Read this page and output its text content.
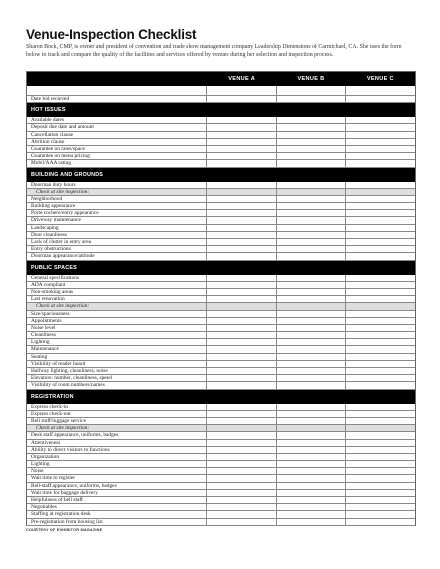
Venue-Inspection Checklist
Sharon Bock, CMP, is owner and president of convention and trade show management company Leadership Dimensions of Carmichael, CA. She uses the form below to track and compare the quality of the facilities and services offered by venues during her selection and inspection process.
VENUE A	VENUE B	VENUE C
Date bid recieved
HOT ISSUES
Available dates
Deposit due date and amount
Cancellation clause
Attrition clause
Guarantee on rates/space
Guarantee on menu pricing
Mobil/AAA rating
BUILDING AND GROUNDS
Doorman duty hours
Check at site inspection:
Neighborhood
Building appearance
Porte cochere/entry appearance
Driveway maintenance
Landscaping
Door cleanliness
Lack of clutter in entry area
Entry obstructions
Doorman appearance/attitude
PUBLIC SPACES
General specifications
ADA compliant
Non-smoking areas
Last renovation
Check at site inspection:
Size/spaciousness
Appointments
Noise level
Cleanliness
Lighting
Maintenance
Seating
Visibility of reader board
Hallway lighting, cleanliness, noise
Elevators: number, cleanliness, speed
Visibility of room numbers/names
REGISTRATION
Express check-in
Express check-out
Bell staff/luggage service
Check at site inspection:
Desk staff appearance, uniforms, badges
Attentiveness
Ability to direct visitors to functions
Organization
Lighting
Noise
Wait time to register
Bell-staff appearance, uniforms, badges
Wait time for baggage delivery
Helpfulness of bell staff
Negotiables
Staffing at registration desk
Pre-registration from housing list
COURTESY OF EXHIBITOR MAGAZINE
